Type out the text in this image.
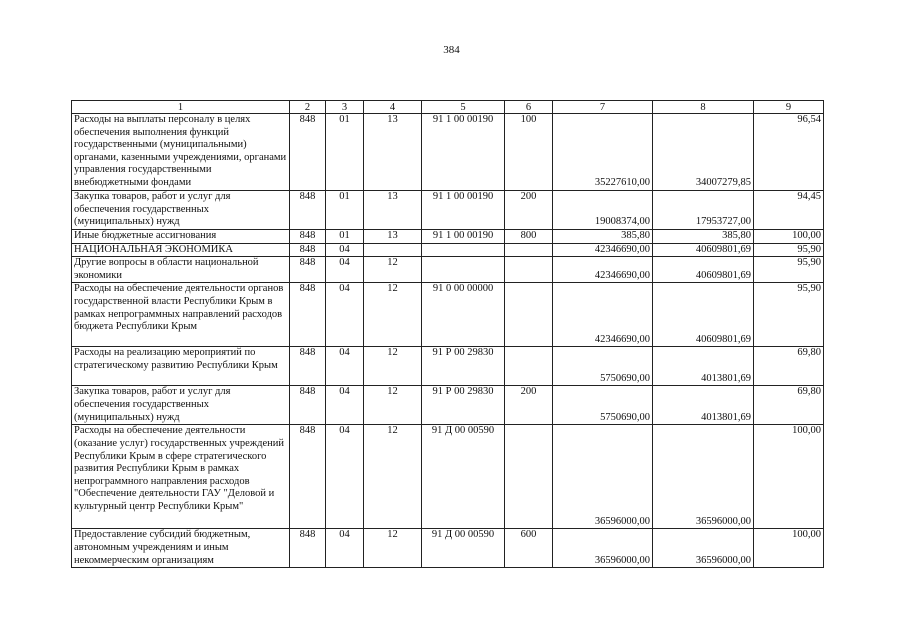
384
1	2	3	4	5	6	7	8	9
Расходы на выплаты персоналу в целях обеспечения выполнения функций государственными (муниципальными) органами, казенными учреждениями, органами управления государственными внебюджетными фондами	848	01	13	91 1 00 00190	100	35227610,00	34007279,85	96,54
Закупка товаров, работ и услуг для обеспечения государственных (муниципальных) нужд	848	01	13	91 1 00 00190	200	19008374,00	17953727,00	94,45
Иные бюджетные ассигнования	848	01	13	91 1 00 00190	800	385,80	385,80	100,00
НАЦИОНАЛЬНАЯ ЭКОНОМИКА	848	04				42346690,00	40609801,69	95,90
Другие вопросы в области национальной экономики	848	04	12			42346690,00	40609801,69	95,90
Расходы на обеспечение деятельности органов государственной власти Республики Крым в рамках непрограммных направлений расходов бюджета Республики Крым	848	04	12	91 0 00 00000		42346690,00	40609801,69	95,90
Расходы на реализацию мероприятий по стратегическому развитию Республики Крым	848	04	12	91 Р 00 29830		5750690,00	4013801,69	69,80
Закупка товаров, работ и услуг для обеспечения государственных (муниципальных) нужд	848	04	12	91 Р 00 29830	200	5750690,00	4013801,69	69,80
Расходы на обеспечение деятельности (оказание услуг) государственных учреждений Республики Крым в сфере стратегического развития Республики Крым в рамках непрограммного направления расходов "Обеспечение деятельности ГАУ "Деловой и культурный центр Республики Крым"	848	04	12	91 Д 00 00590		36596000,00	36596000,00	100,00
Предоставление субсидий бюджетным, автономным учреждениям и иным некоммерческим организациям	848	04	12	91 Д 00 00590	600	36596000,00	36596000,00	100,00
